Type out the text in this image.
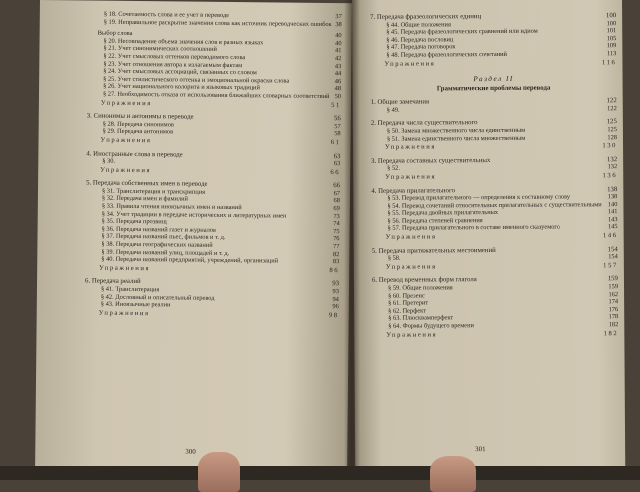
§ 18. Сочетаемость слова и ее учет в переводе	37
§ 19. Неправильное раскрытие значения слова как источник переводческих ошибок 38
Выбор слова	40
§ 20. Несовпадение объема значения слов в разных языках	40
§ 21. Учет синонимических соотношений	41
§ 22. Учет смысловых оттенков переводимого слова	42
§ 23. Учет отношения автора к излагаемым фактам	43
§ 24. Учет смысловых ассоциаций, связанных со словом	44
§ 25. Учет стилистического оттенка и эмоциональной окраски слова	46
§ 26. Учет национального колорита и языковых традиций	48
§ 27. Необходимость отказа от использования ближайших словарных соответствий 50
Упражнения	51
3. Синонимы и антонимы в переводе	56
§ 28. Передача синонимов	57
§ 29. Передача антонимов	58
Упражнения	61
4. Иностранные слова в переводе	63
§ 30.	63
Упражнения	66
5. Передача собственных имен в переводе	66
§ 31. Транслитерация и транскрипция	67
§ 32. Передача имен и фамилий	68
§ 33. Правила чтения иноязычных имен и названий	69
§ 34. Учет традиции в передаче исторических и литературных имен	73
§ 35. Передача прозвищ	74
§ 36. Передача названий газет и журналов	75
§ 37. Передача названий пьес, фильмов и т. д.	76
§ 38. Передача географических названий	77
§ 39. Передача названий улиц, площадей и т. д.	82
§ 40. Передача названий предприятий, учреждений, организаций	83
Упражнения	86
6. Передача реалий	93
§ 41. Транслитерация	93
§ 42. Дословный и описательный перевод	94
§ 43. Иноязычные реалии	96
Упражнения	98
300
7. Передача фразеологических единиц	100
§ 44. Общие положения	100
§ 45. Передача фразеологических сравнений или идиом	101
§ 46. Передача пословиц	105
§ 47. Передача поговорок	109
§ 48. Передача фразеологических сочетаний	113
Упражнения	116
Раздел II
Грамматические проблемы перевода
1. Общие замечания	122
§ 49.	122
2. Передача числа существительного	125
§ 50. Замена множественного числа единственным	125
§ 51. Замена единственного числа множественным	128
Упражнения	130
3. Передача составных существительных	132
§ 52.	132
Упражнения	136
4. Передача прилагательного	138
§ 53. Перевод прилагательного — определения к составному слову	138
§ 54. Перевод сочетаний относительных прилагательных с существительными 140
§ 55. Передача двойных прилагательных	141
§ 56. Передача степеней сравнения	143
§ 57. Передача прилагательного в составе именного сказуемого	145
Упражнения	146
5. Передача притяжательных местоимений	154
§ 58.	154
Упражнения	157
6. Перевод временных форм глагола	159
§ 59. Общие положения	159
§ 60. Презенс	162
§ 61. Претерит	174
§ 62. Перфект	176
§ 63. Плюсквамперфект	178
§ 64. Формы будущего времени	182
Упражнения	182
301
